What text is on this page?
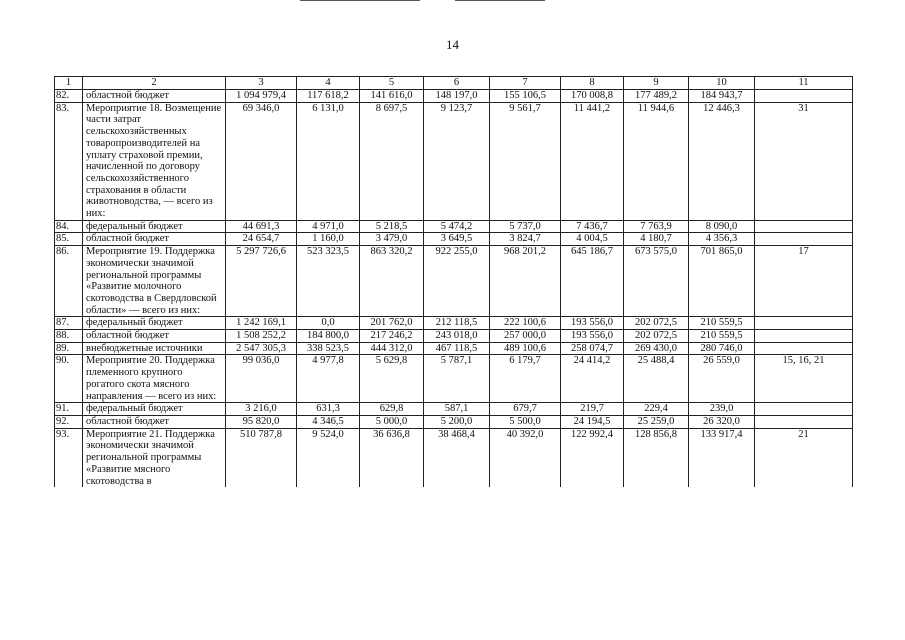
14
1	2	3	4	5	6	7	8	9	10	11
82.	областной бюджет	1 094 979,4	117 618,2	141 616,0	148 197,0	155 106,5	170 008,8	177 489,2	184 943,7	
83.	Мероприятие 18. Возмещение части затрат сельскохозяйственных товаропроизводителей на уплату страховой премии, начисленной по договору сельскохозяйственного страхования в области животноводства, — всего из них:	69 346,0	6 131,0	8 697,5	9 123,7	9 561,7	11 441,2	11 944,6	12 446,3	31
84.	федеральный бюджет	44 691,3	4 971,0	5 218,5	5 474,2	5 737,0	7 436,7	7 763,9	8 090,0	
85.	областной бюджет	24 654,7	1 160,0	3 479,0	3 649,5	3 824,7	4 004,5	4 180,7	4 356,3	
86.	Мероприятие 19. Поддержка экономически значимой региональной программы «Развитие молочного скотоводства в Свердловской области» — всего из них:	5 297 726,6	523 323,5	863 320,2	922 255,0	968 201,2	645 186,7	673 575,0	701 865,0	17
87.	федеральный бюджет	1 242 169,1	0,0	201 762,0	212 118,5	222 100,6	193 556,0	202 072,5	210 559,5	
88.	областной бюджет	1 508 252,2	184 800,0	217 246,2	243 018,0	257 000,0	193 556,0	202 072,5	210 559,5	
89.	внебюджетные источники	2 547 305,3	338 523,5	444 312,0	467 118,5	489 100,6	258 074,7	269 430,0	280 746,0	
90.	Мероприятие 20. Поддержка племенного крупного рогатого скота мясного направления — всего из них:	99 036,0	4 977,8	5 629,8	5 787,1	6 179,7	24 414,2	25 488,4	26 559,0	15, 16, 21
91.	федеральный бюджет	3 216,0	631,3	629,8	587,1	679,7	219,7	229,4	239,0	
92.	областной бюджет	95 820,0	4 346,5	5 000,0	5 200,0	5 500,0	24 194,5	25 259,0	26 320,0	
93.	Мероприятие 21. Поддержка экономически значимой региональной программы «Развитие мясного скотоводства в	510 787,8	9 524,0	36 636,8	38 468,4	40 392,0	122 992,4	128 856,8	133 917,4	21
